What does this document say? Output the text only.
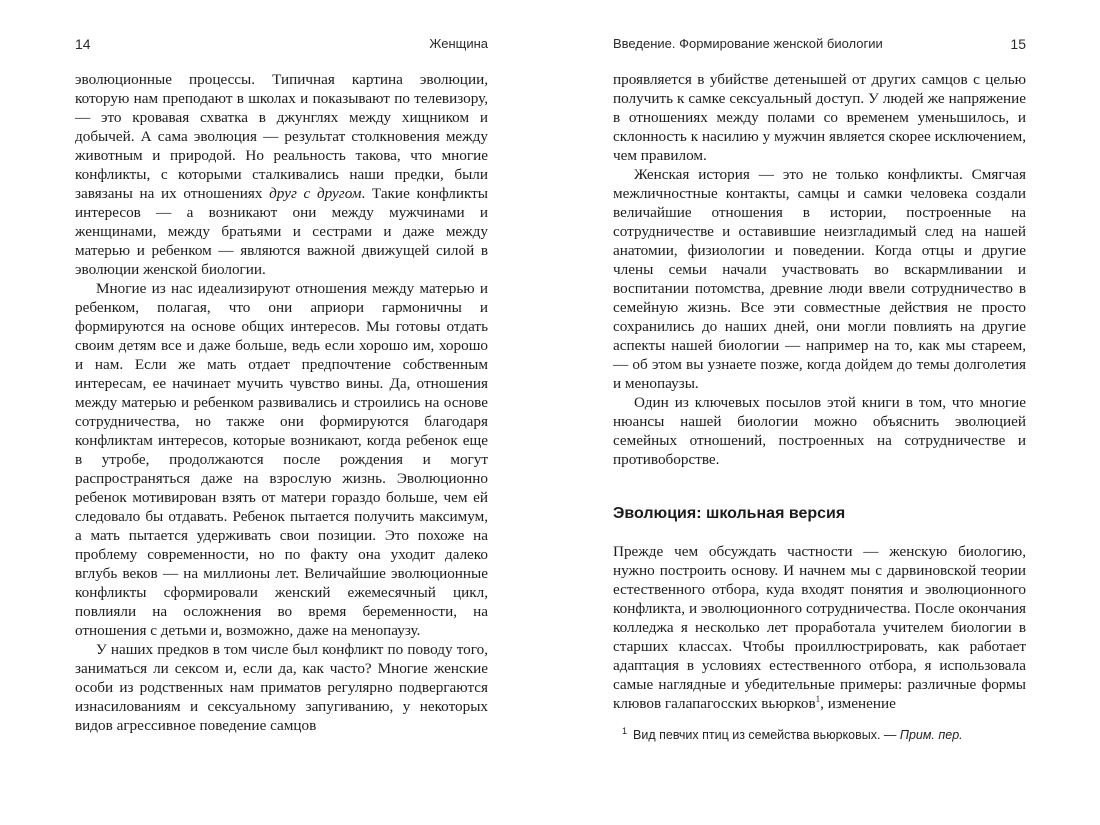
14	Женщина

эволюционные процессы. Типичная картина эволюции, которую нам преподают в школах и показывают по телевизору, — это кровавая схватка в джунглях между хищником и добычей. А сама эволюция — результат столкновения между животным и природой. Но реальность такова, что многие конфликты, с которыми сталкивались наши предки, были завязаны на их отношениях друг с другом. Такие конфликты интересов — а возникают они между мужчинами и женщинами, между братьями и сестрами и даже между матерью и ребенком — являются важной движущей силой в эволюции женской биологии.

Многие из нас идеализируют отношения между матерью и ребенком, полагая, что они априори гармоничны и формируются на основе общих интересов. Мы готовы отдать своим детям все и даже больше, ведь если хорошо им, хорошо и нам. Если же мать отдает предпочтение собственным интересам, ее начинает мучить чувство вины. Да, отношения между матерью и ребенком развивались и строились на основе сотрудничества, но также они формируются благодаря конфликтам интересов, которые возникают, когда ребенок еще в утробе, продолжаются после рождения и могут распространяться даже на взрослую жизнь. Эволюционно ребенок мотивирован взять от матери гораздо больше, чем ей следовало бы отдавать. Ребенок пытается получить максимум, а мать пытается удерживать свои позиции. Это похоже на проблему современности, но по факту она уходит далеко вглубь веков — на миллионы лет. Величайшие эволюционные конфликты сформировали женский ежемесячный цикл, повлияли на осложнения во время беременности, на отношения с детьми и, возможно, даже на менопаузу.

У наших предков в том числе был конфликт по поводу того, заниматься ли сексом и, если да, как часто? Многие женские особи из родственных нам приматов регулярно подвергаются изнасилованиям и сексуальному запугиванию, у некоторых видов агрессивное поведение самцов

Введение. Формирование женской биологии	15

проявляется в убийстве детенышей от других самцов с целью получить к самке сексуальный доступ. У людей же напряжение в отношениях между полами со временем уменьшилось, и склонность к насилию у мужчин является скорее исключением, чем правилом.

Женская история — это не только конфликты. Смягчая межличностные контакты, самцы и самки человека создали величайшие отношения в истории, построенные на сотрудничестве и оставившие неизгладимый след на нашей анатомии, физиологии и поведении. Когда отцы и другие члены семьи начали участвовать во вскармливании и воспитании потомства, древние люди ввели сотрудничество в семейную жизнь. Все эти совместные действия не просто сохранились до наших дней, они могли повлиять на другие аспекты нашей биологии — например на то, как мы стареем, — об этом вы узнаете позже, когда дойдем до темы долголетия и менопаузы.

Один из ключевых посылов этой книги в том, что многие нюансы нашей биологии можно объяснить эволюцией семейных отношений, построенных на сотрудничестве и противоборстве.

Эволюция: школьная версия

Прежде чем обсуждать частности — женскую биологию, нужно построить основу. И начнем мы с дарвиновской теории естественного отбора, куда входят понятия и эволюционного конфликта, и эволюционного сотрудничества. После окончания колледжа я несколько лет проработала учителем биологии в старших классах. Чтобы проиллюстрировать, как работает адаптация в условиях естественного отбора, я использовала самые наглядные и убедительные примеры: различные формы клювов галапагосских вьюрков$^1$, изменение

$^1$ Вид певчих птиц из семейства вьюрковых. — Прим. пер.
